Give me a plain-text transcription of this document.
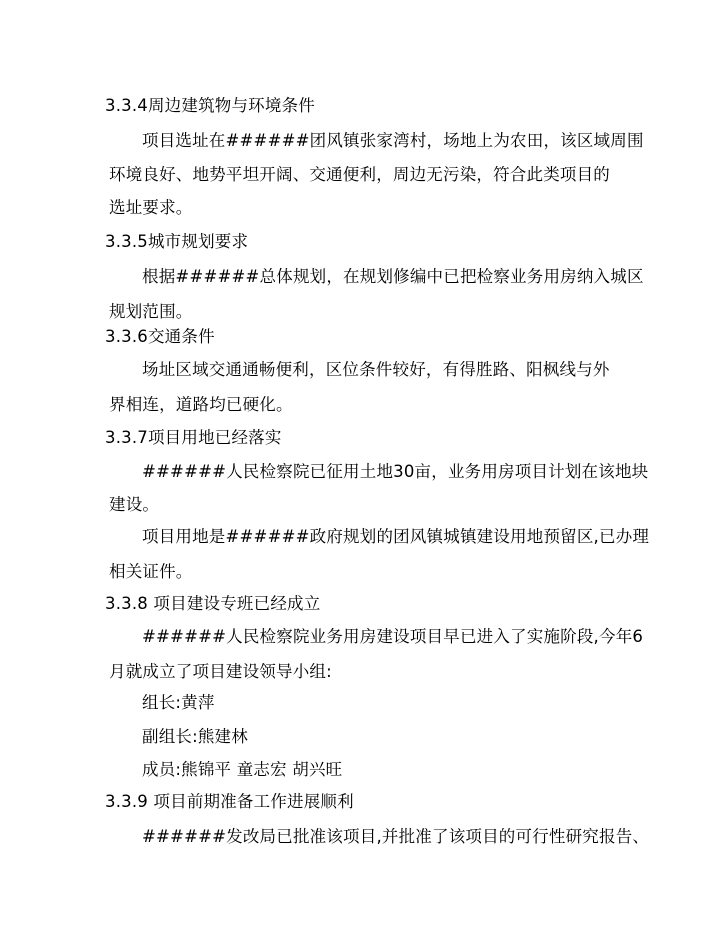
3.3.4周边建筑物与环境条件
项目选址在######团风镇张家湾村，场地上为农田，该区域周围
环境良好、地势平坦开阔、交通便利，周边无污染，符合此类项目的
选址要求。
3.3.5城市规划要求
根据######总体规划，在规划修编中已把检察业务用房纳入城区
规划范围。
3.3.6交通条件
场址区域交通通畅便利，区位条件较好，有得胜路、阳枫线与外
界相连，道路均已硬化。
3.3.7项目用地已经落实
######人民检察院已征用土地30亩，业务用房项目计划在该地块
建设。
项目用地是######政府规划的团风镇城镇建设用地预留区,已办理
相关证件。
3.3.8 项目建设专班已经成立
######人民检察院业务用房建设项目早已进入了实施阶段,今年6
月就成立了项目建设领导小组:
组长:黄萍
副组长:熊建林
成员:熊锦平 童志宏 胡兴旺
3.3.9 项目前期准备工作进展顺利
######发改局已批准该项目,并批准了该项目的可行性研究报告、
